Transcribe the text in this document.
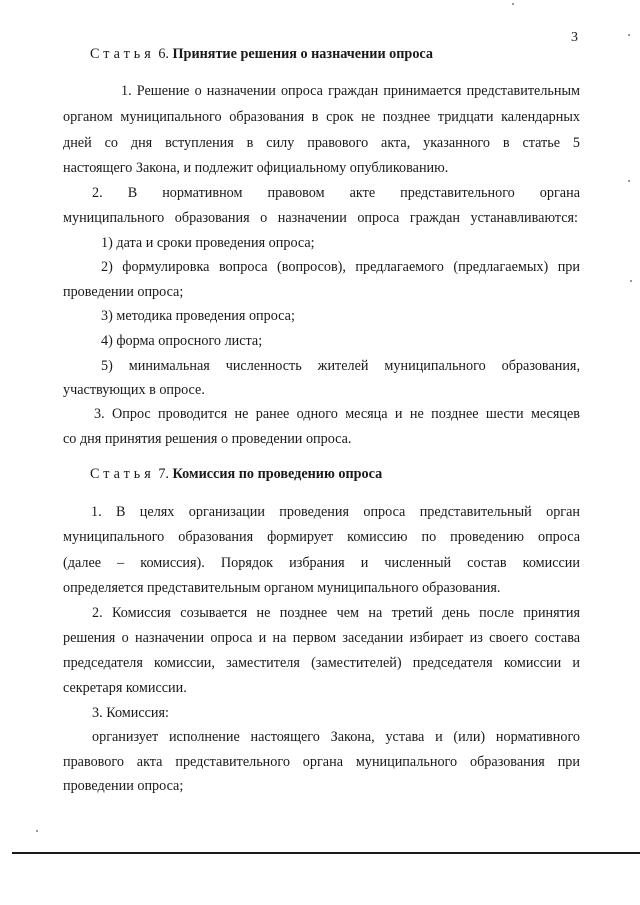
3
Статья 6. Принятие решения о назначении опроса
1. Решение о назначении опроса граждан принимается представительным
органом муниципального образования в срок не позднее тридцати календарных
дней со дня вступления в силу правового акта, указанного в статье 5
настоящего Закона, и подлежит официальному опубликованию.
2. В нормативном правовом акте представительного органа
муниципального образования о назначении опроса граждан устанавливаются:
1) дата и сроки проведения опроса;
2) формулировка вопроса (вопросов), предлагаемого (предлагаемых) при
проведении опроса;
3) методика проведения опроса;
4) форма опросного листа;
5) минимальная численность жителей муниципального образования,
участвующих в опросе.
3. Опрос проводится не ранее одного месяца и не позднее шести месяцев
со дня принятия решения о проведении опроса.
Статья 7. Комиссия по проведению опроса
1. В целях организации проведения опроса представительный орган
муниципального образования формирует комиссию по проведению опроса
(далее – комиссия). Порядок избрания и численный состав комиссии
определяется представительным органом муниципального образования.
2. Комиссия созывается не позднее чем на третий день после принятия
решения о назначении опроса и на первом заседании избирает из своего состава
председателя комиссии, заместителя (заместителей) председателя комиссии и
секретаря комиссии.
3. Комиссия:
организует исполнение настоящего Закона, устава и (или) нормативного
правового акта представительного органа муниципального образования при
проведении опроса;
